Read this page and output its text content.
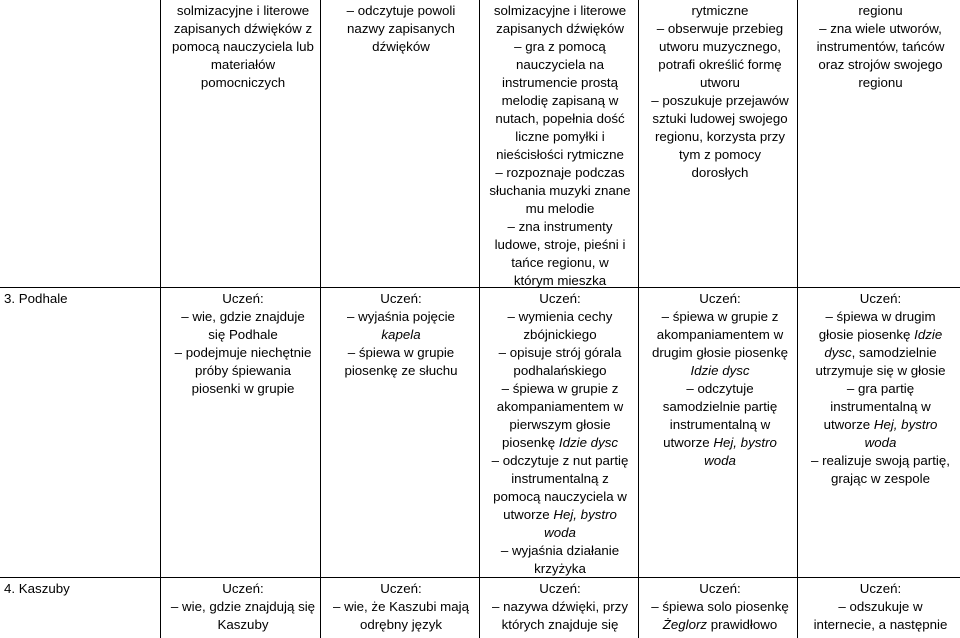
solmizacyjne i literowe
zapisanych dźwięków z
pomocą nauczyciela lub
materiałów
pomocniczych
– odczytuje powoli
nazwy zapisanych
dźwięków
solmizacyjne i literowe
zapisanych dźwięków
– gra z pomocą
nauczyciela na
instrumencie prostą
melodię zapisaną w
nutach, popełnia dość
liczne pomyłki i
nieścisłości rytmiczne
– rozpoznaje podczas
słuchania muzyki znane
mu melodie
– zna instrumenty
ludowe, stroje, pieśni i
tańce regionu, w
którym mieszka
rytmiczne
– obserwuje przebieg
utworu muzycznego,
potrafi określić formę
utworu
– poszukuje przejawów
sztuki ludowej swojego
regionu, korzysta przy
tym z pomocy
dorosłych
regionu
– zna wiele utworów,
instrumentów, tańców
oraz strojów swojego
regionu
3. Podhale	Uczeń:
– wie, gdzie znajduje
się Podhale
– podejmuje niechętnie
próby śpiewania
piosenki w grupie
Uczeń:
– wyjaśnia pojęcie
kapela
– śpiewa w grupie
piosenkę ze słuchu
Uczeń:
– wymienia cechy
zbójnickiego
– opisuje strój górala
podhalańskiego
– śpiewa w grupie z
akompaniamentem w
pierwszym głosie
piosenkę Idzie dysc
– odczytuje z nut partię
instrumentalną z
pomocą nauczyciela w
utworze Hej, bystro
woda
– wyjaśnia działanie
krzyżyka
Uczeń:
– śpiewa w grupie z
akompaniamentem w
drugim głosie piosenkę
Idzie dysc
– odczytuje
samodzielnie partię
instrumentalną w
utworze Hej, bystro
woda
Uczeń:
– śpiewa w drugim
głosie piosenkę Idzie
dysc, samodzielnie
utrzymuje się w głosie
– gra partię
instrumentalną w
utworze Hej, bystro
woda
– realizuje swoją partię,
grając w zespole
4. Kaszuby	Uczeń:
– wie, gdzie znajdują się
Kaszuby
Uczeń:
– wie, że Kaszubi mają
odrębny język
Uczeń:
– nazywa dźwięki, przy
których znajduje się
Uczeń:
– śpiewa solo piosenkę
Żeglorz prawidłowo
Uczeń:
– odszukuje w
internecie, a następnie
